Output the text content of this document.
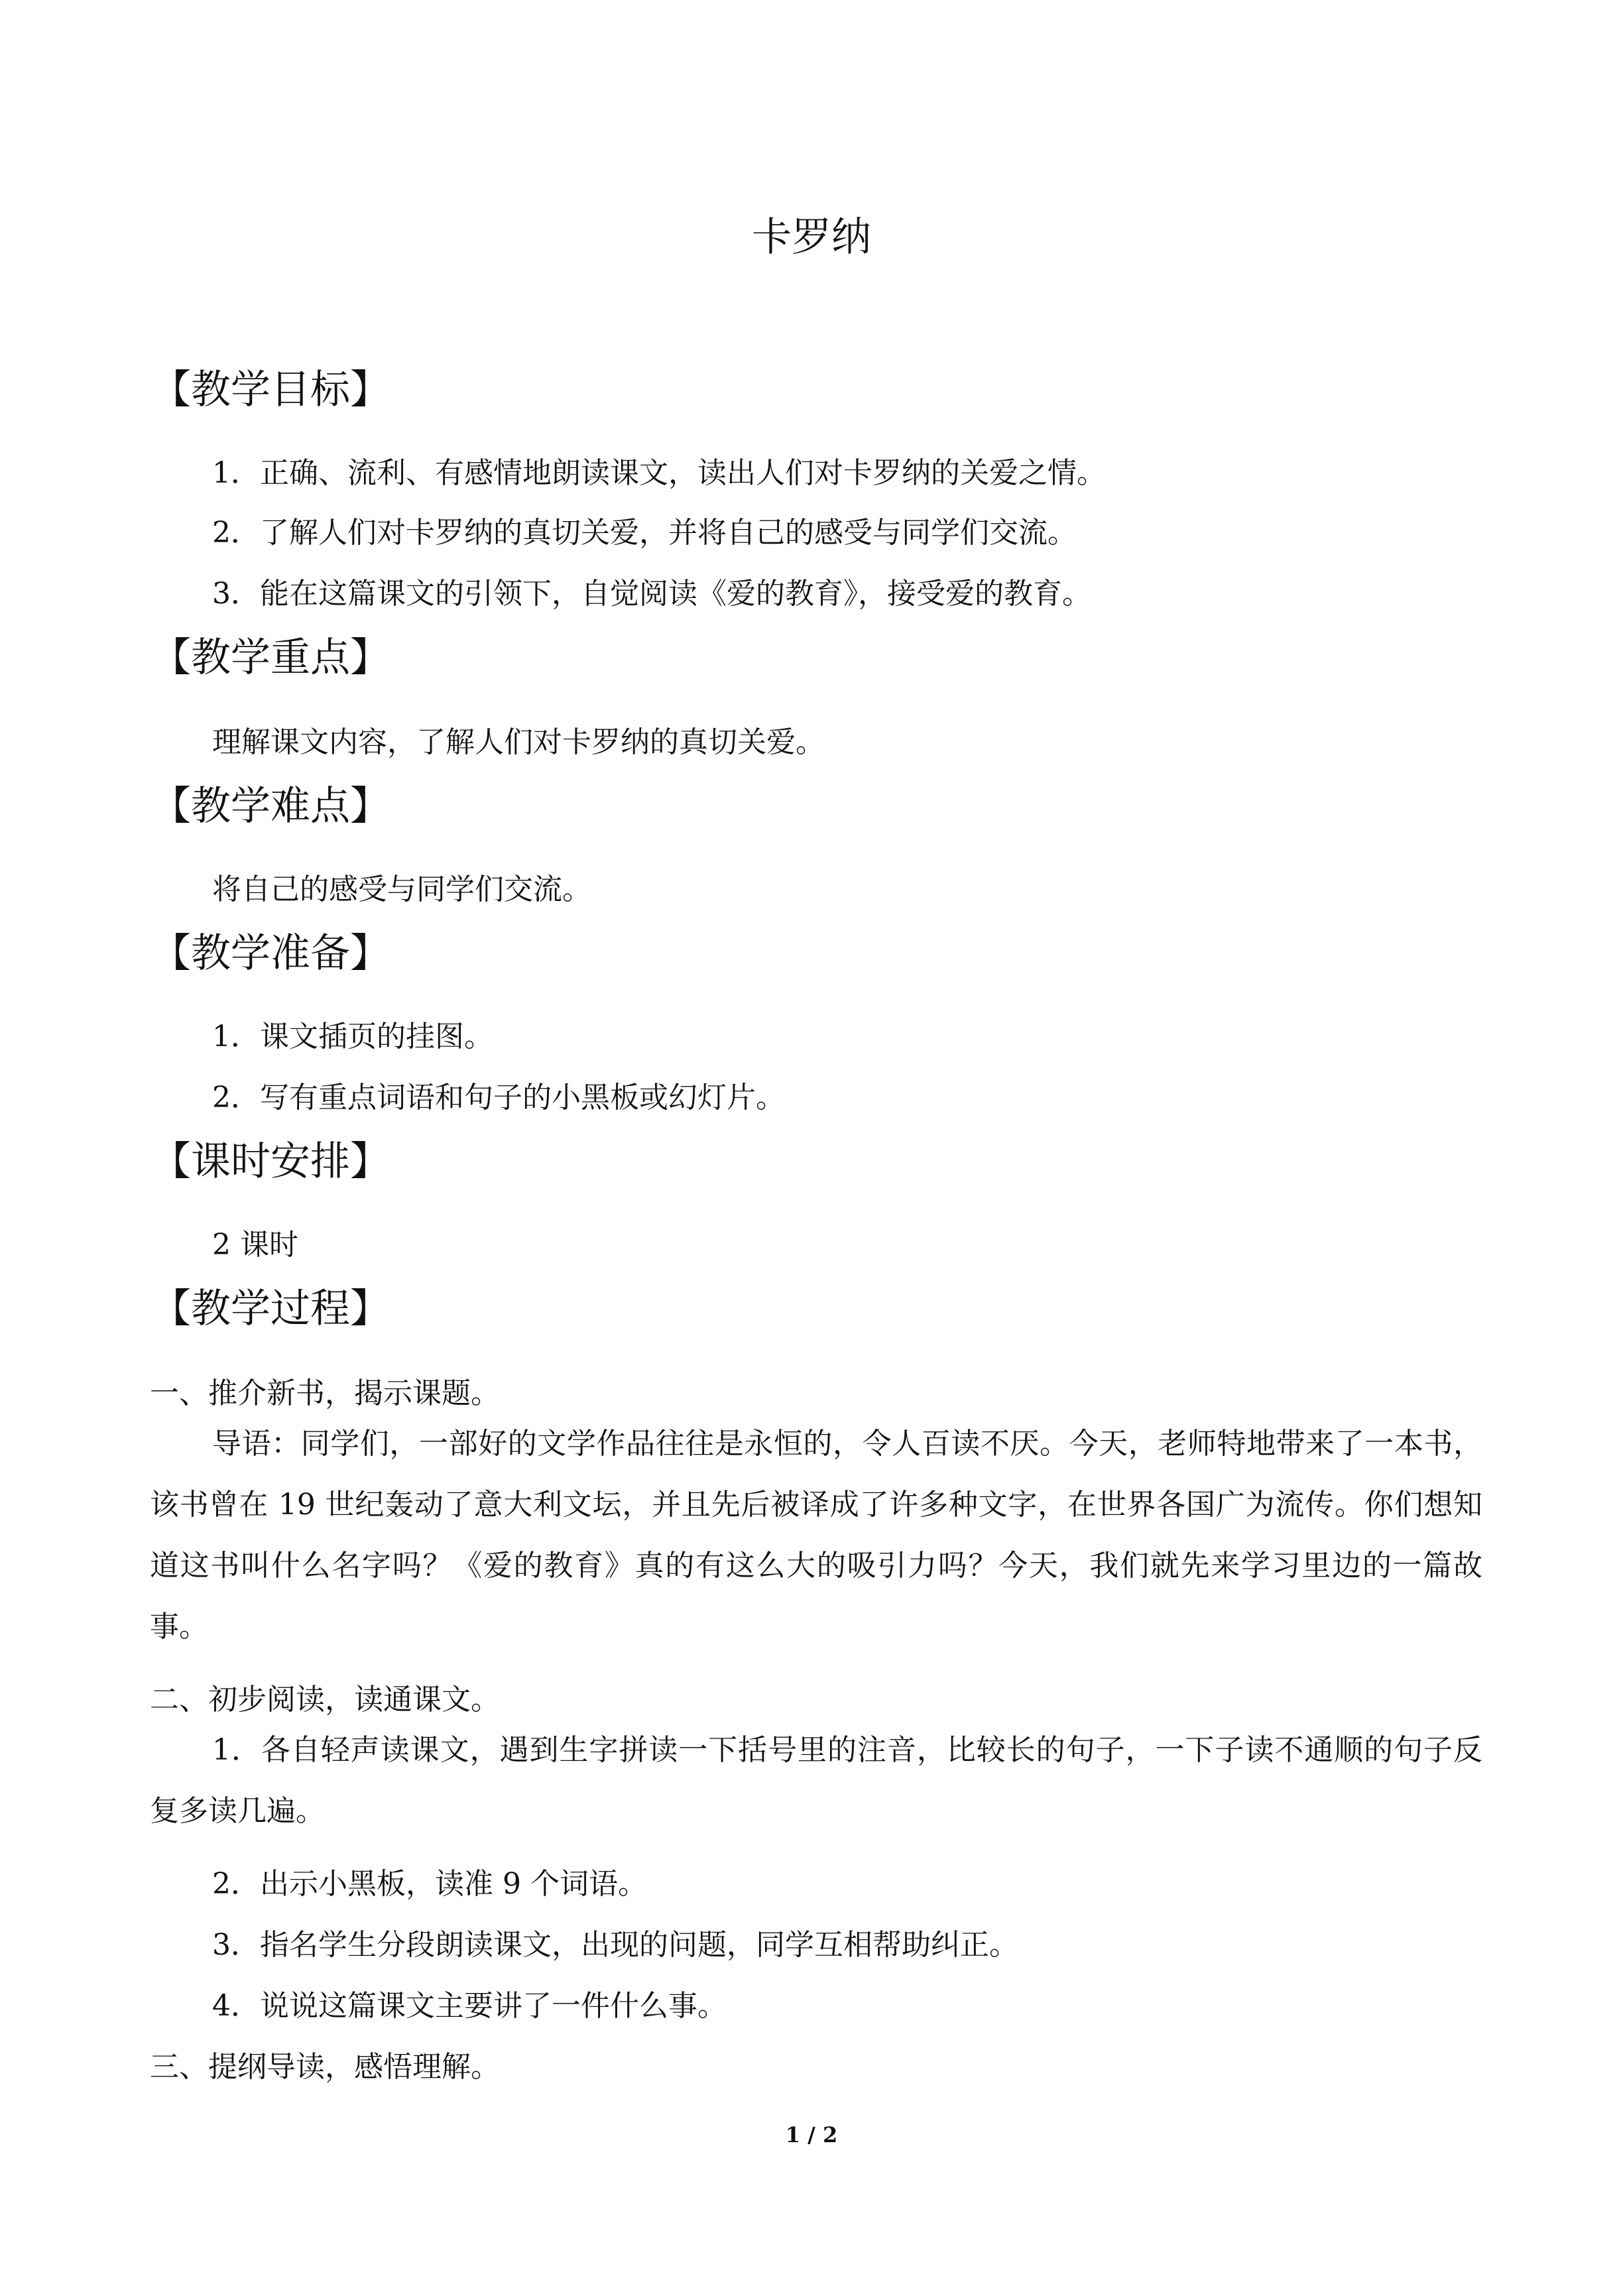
卡罗纳
【教学目标】
1．正确、流利、有感情地朗读课文，读出人们对卡罗纳的关爱之情。
2．了解人们对卡罗纳的真切关爱，并将自己的感受与同学们交流。
3．能在这篇课文的引领下，自觉阅读《爱的教育》，接受爱的教育。
【教学重点】
理解课文内容，了解人们对卡罗纳的真切关爱。
【教学难点】
将自己的感受与同学们交流。
【教学准备】
1．课文插页的挂图。
2．写有重点词语和句子的小黑板或幻灯片。
【课时安排】
2 课时
【教学过程】
一、推介新书，揭示课题。
导语：同学们，一部好的文学作品往往是永恒的，令人百读不厌。今天，老师特地带来了一本书，该书曾在 19 世纪轰动了意大利文坛，并且先后被译成了许多种文字，在世界各国广为流传。你们想知道这书叫什么名字吗？《爱的教育》真的有这么大的吸引力吗？今天，我们就先来学习里边的一篇故事。
二、初步阅读，读通课文。
1．各自轻声读课文，遇到生字拼读一下括号里的注音，比较长的句子，一下子读不通顺的句子反复多读几遍。
2．出示小黑板，读准 9 个词语。
3．指名学生分段朗读课文，出现的问题，同学互相帮助纠正。
4．说说这篇课文主要讲了一件什么事。
三、提纲导读，感悟理解。
1 / 2
